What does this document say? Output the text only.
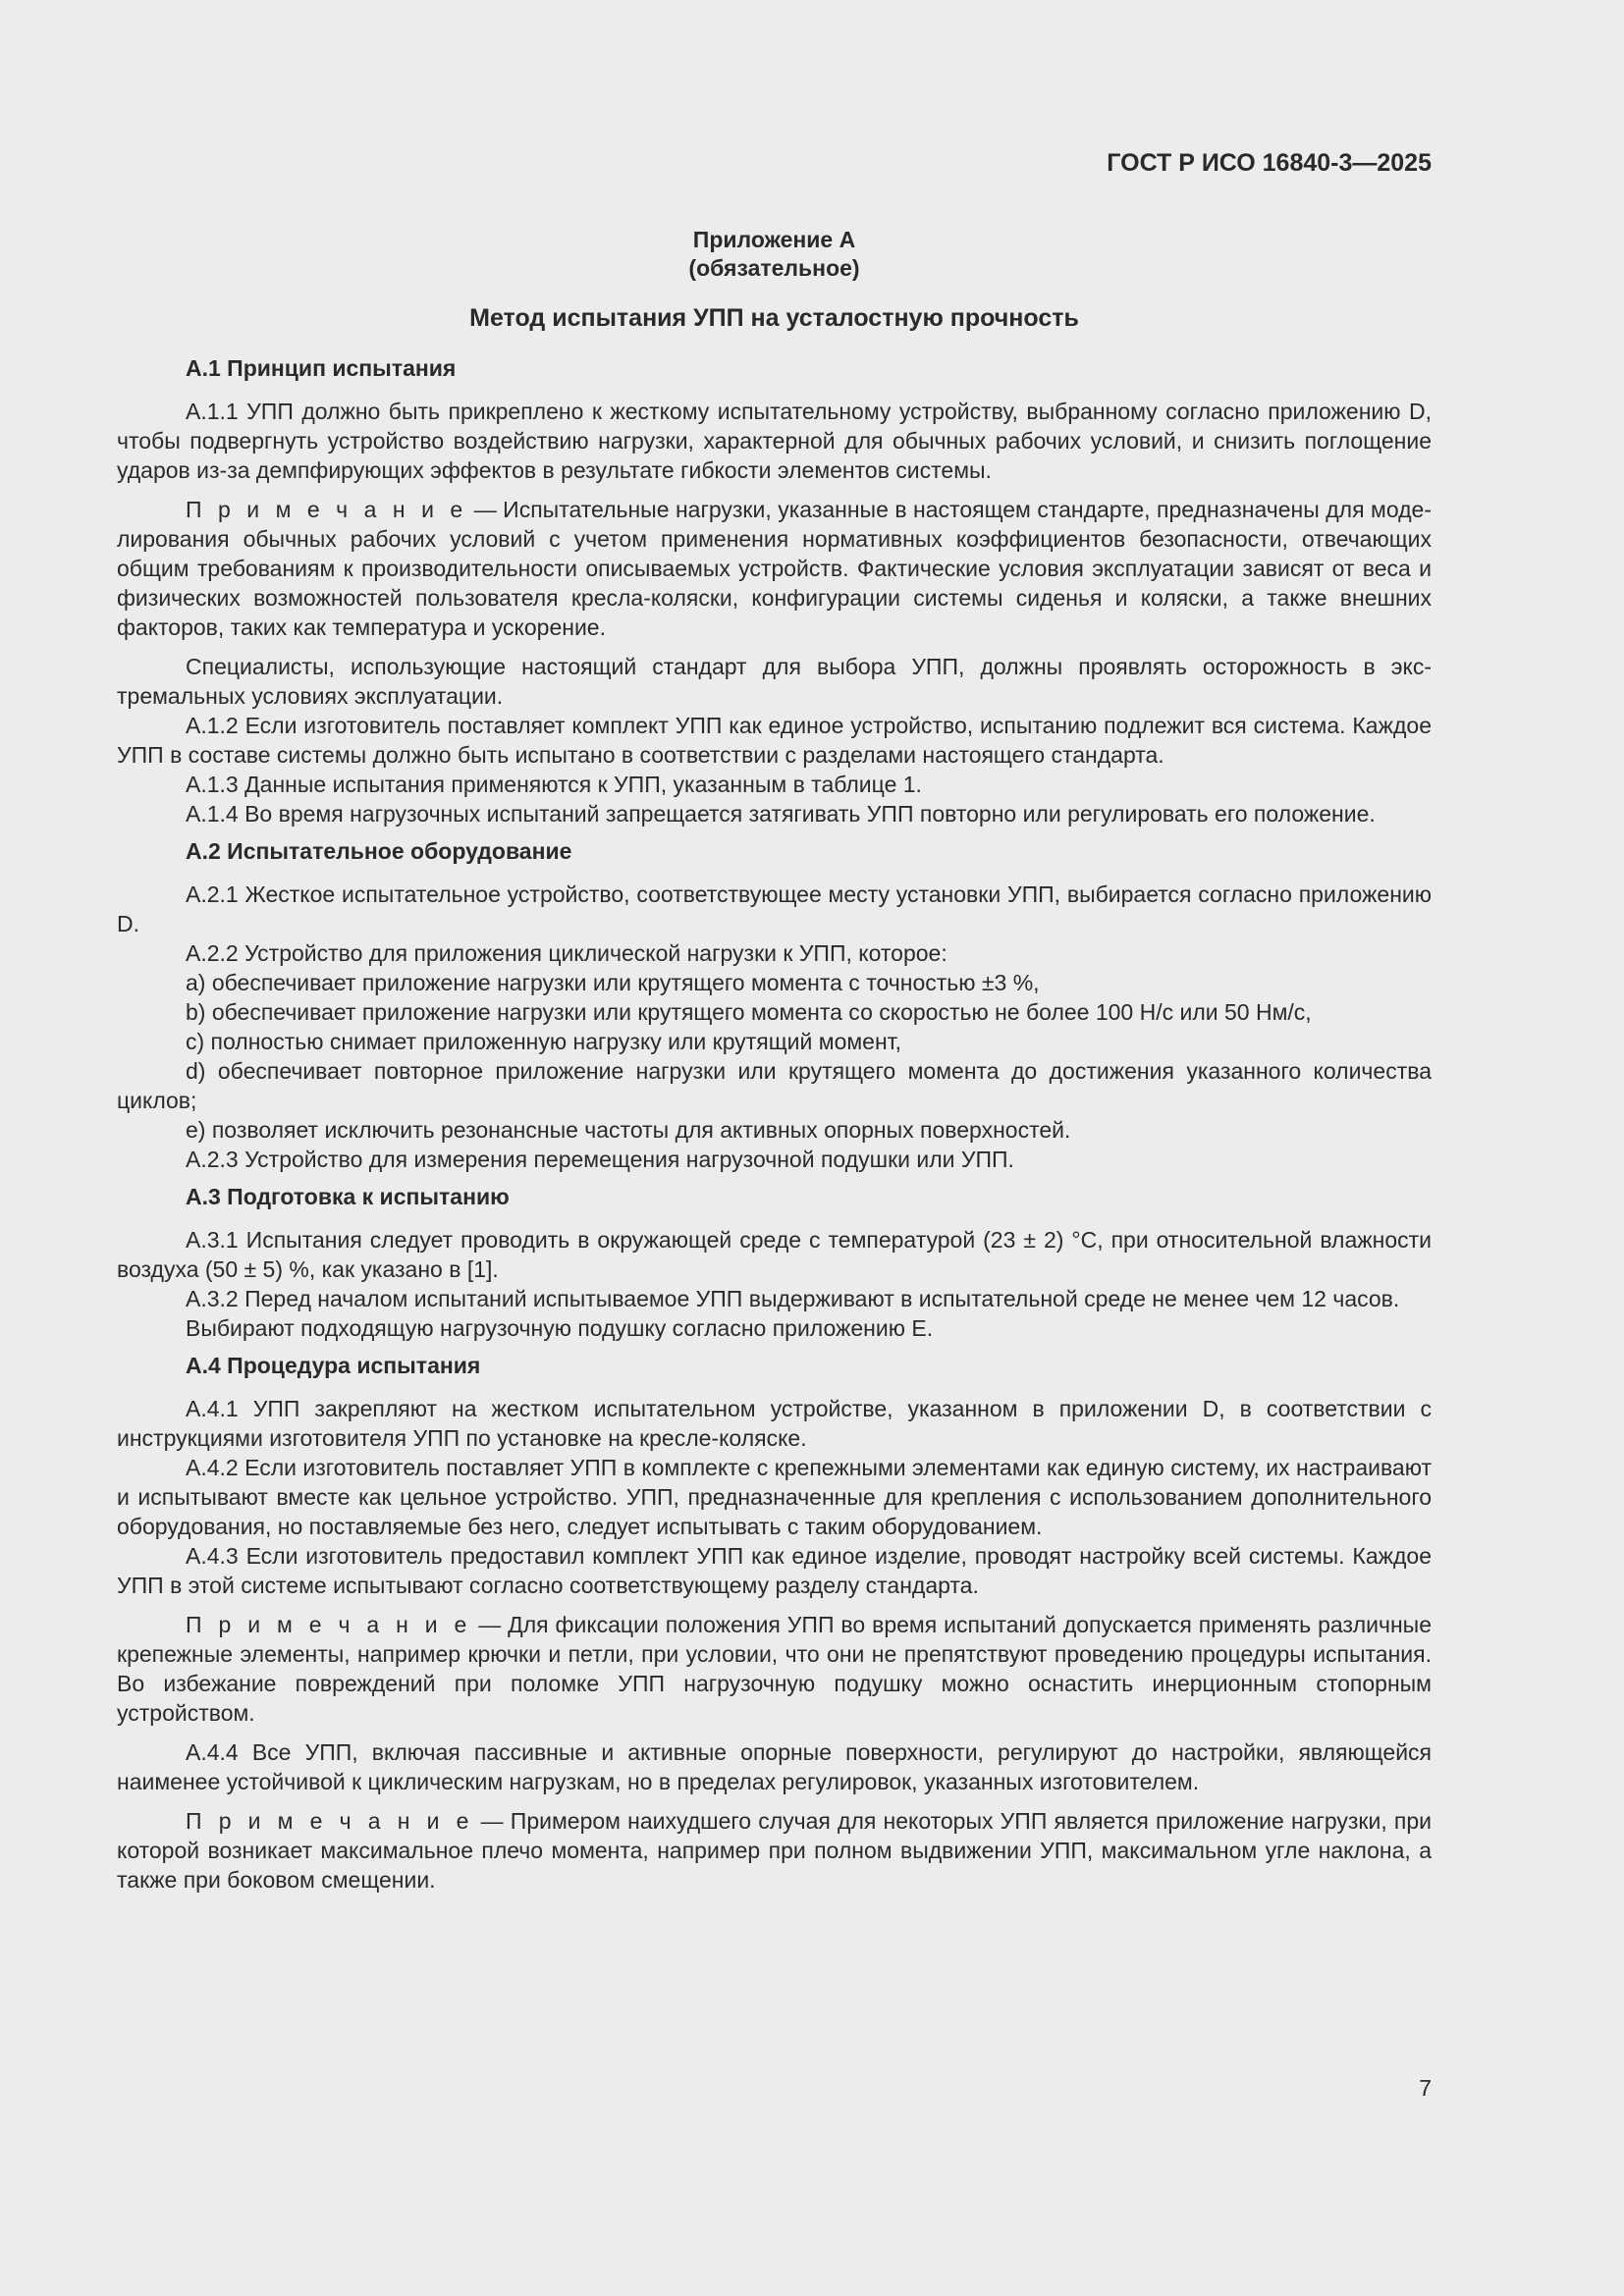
ГОСТ Р ИСО 16840-3—2025
Приложение А
(обязательное)
Метод испытания УПП на усталостную прочность
А.1 Принцип испытания

А.1.1 УПП должно быть прикреплено к жесткому испытательному устройству, выбранному согласно приложению D, чтобы подвергнуть устройство воздействию нагрузки, характерной для обычных рабочих условий, и снизить поглощение ударов из-за демпфирующих эффектов в результате гибкости элементов системы.

П р и м е ч а н и е — Испытательные нагрузки, указанные в настоящем стандарте, предназначены для моделирования обычных рабочих условий с учетом применения нормативных коэффициентов безопасности, отвечающих общим требованиям к производительности описываемых устройств. Фактические условия эксплуатации зависят от веса и физических возможностей пользователя кресла-коляски, конфигурации системы сиденья и коляски, а также внешних факторов, таких как температура и ускорение.

Специалисты, использующие настоящий стандарт для выбора УПП, должны проявлять осторожность в экстремальных условиях эксплуатации.

А.1.2 Если изготовитель поставляет комплект УПП как единое устройство, испытанию подлежит вся система. Каждое УПП в составе системы должно быть испытано в соответствии с разделами настоящего стандарта.

А.1.3 Данные испытания применяются к УПП, указанным в таблице 1.

А.1.4 Во время нагрузочных испытаний запрещается затягивать УПП повторно или регулировать его положение.

А.2 Испытательное оборудование

А.2.1 Жесткое испытательное устройство, соответствующее месту установки УПП, выбирается согласно приложению D.

А.2.2 Устройство для приложения циклической нагрузки к УПП, которое:

а) обеспечивает приложение нагрузки или крутящего момента с точностью ±3 %,

b) обеспечивает приложение нагрузки или крутящего момента со скоростью не более 100 Н/с или 50 Нм/с,

с) полностью снимает приложенную нагрузку или крутящий момент,

d) обеспечивает повторное приложение нагрузки или крутящего момента до достижения указанного количества циклов;

е) позволяет исключить резонансные частоты для активных опорных поверхностей.

А.2.3 Устройство для измерения перемещения нагрузочной подушки или УПП.

А.3 Подготовка к испытанию

А.3.1 Испытания следует проводить в окружающей среде с температурой (23 ± 2) °С, при относительной влажности воздуха (50 ± 5) %, как указано в [1].

А.3.2 Перед началом испытаний испытываемое УПП выдерживают в испытательной среде не менее чем 12 часов.

Выбирают подходящую нагрузочную подушку согласно приложению Е.

А.4 Процедура испытания

А.4.1 УПП закрепляют на жестком испытательном устройстве, указанном в приложении D, в соответствии с инструкциями изготовителя УПП по установке на кресле-коляске.

А.4.2 Если изготовитель поставляет УПП в комплекте с крепежными элементами как единую систему, их настраивают и испытывают вместе как цельное устройство. УПП, предназначенные для крепления с использованием дополнительного оборудования, но поставляемые без него, следует испытывать с таким оборудованием.

А.4.3 Если изготовитель предоставил комплект УПП как единое изделие, проводят настройку всей системы. Каждое УПП в этой системе испытывают согласно соответствующему разделу стандарта.

П р и м е ч а н и е — Для фиксации положения УПП во время испытаний допускается применять различные крепежные элементы, например крючки и петли, при условии, что они не препятствуют проведению процедуры испытания. Во избежание повреждений при поломке УПП нагрузочную подушку можно оснастить инерционным стопорным устройством.

А.4.4 Все УПП, включая пассивные и активные опорные поверхности, регулируют до настройки, являющейся наименее устойчивой к циклическим нагрузкам, но в пределах регулировок, указанных изготовителем.

П р и м е ч а н и е — Примером наихудшего случая для некоторых УПП является приложение нагрузки, при которой возникает максимальное плечо момента, например при полном выдвижении УПП, максимальном угле наклона, а также при боковом смещении.

7
